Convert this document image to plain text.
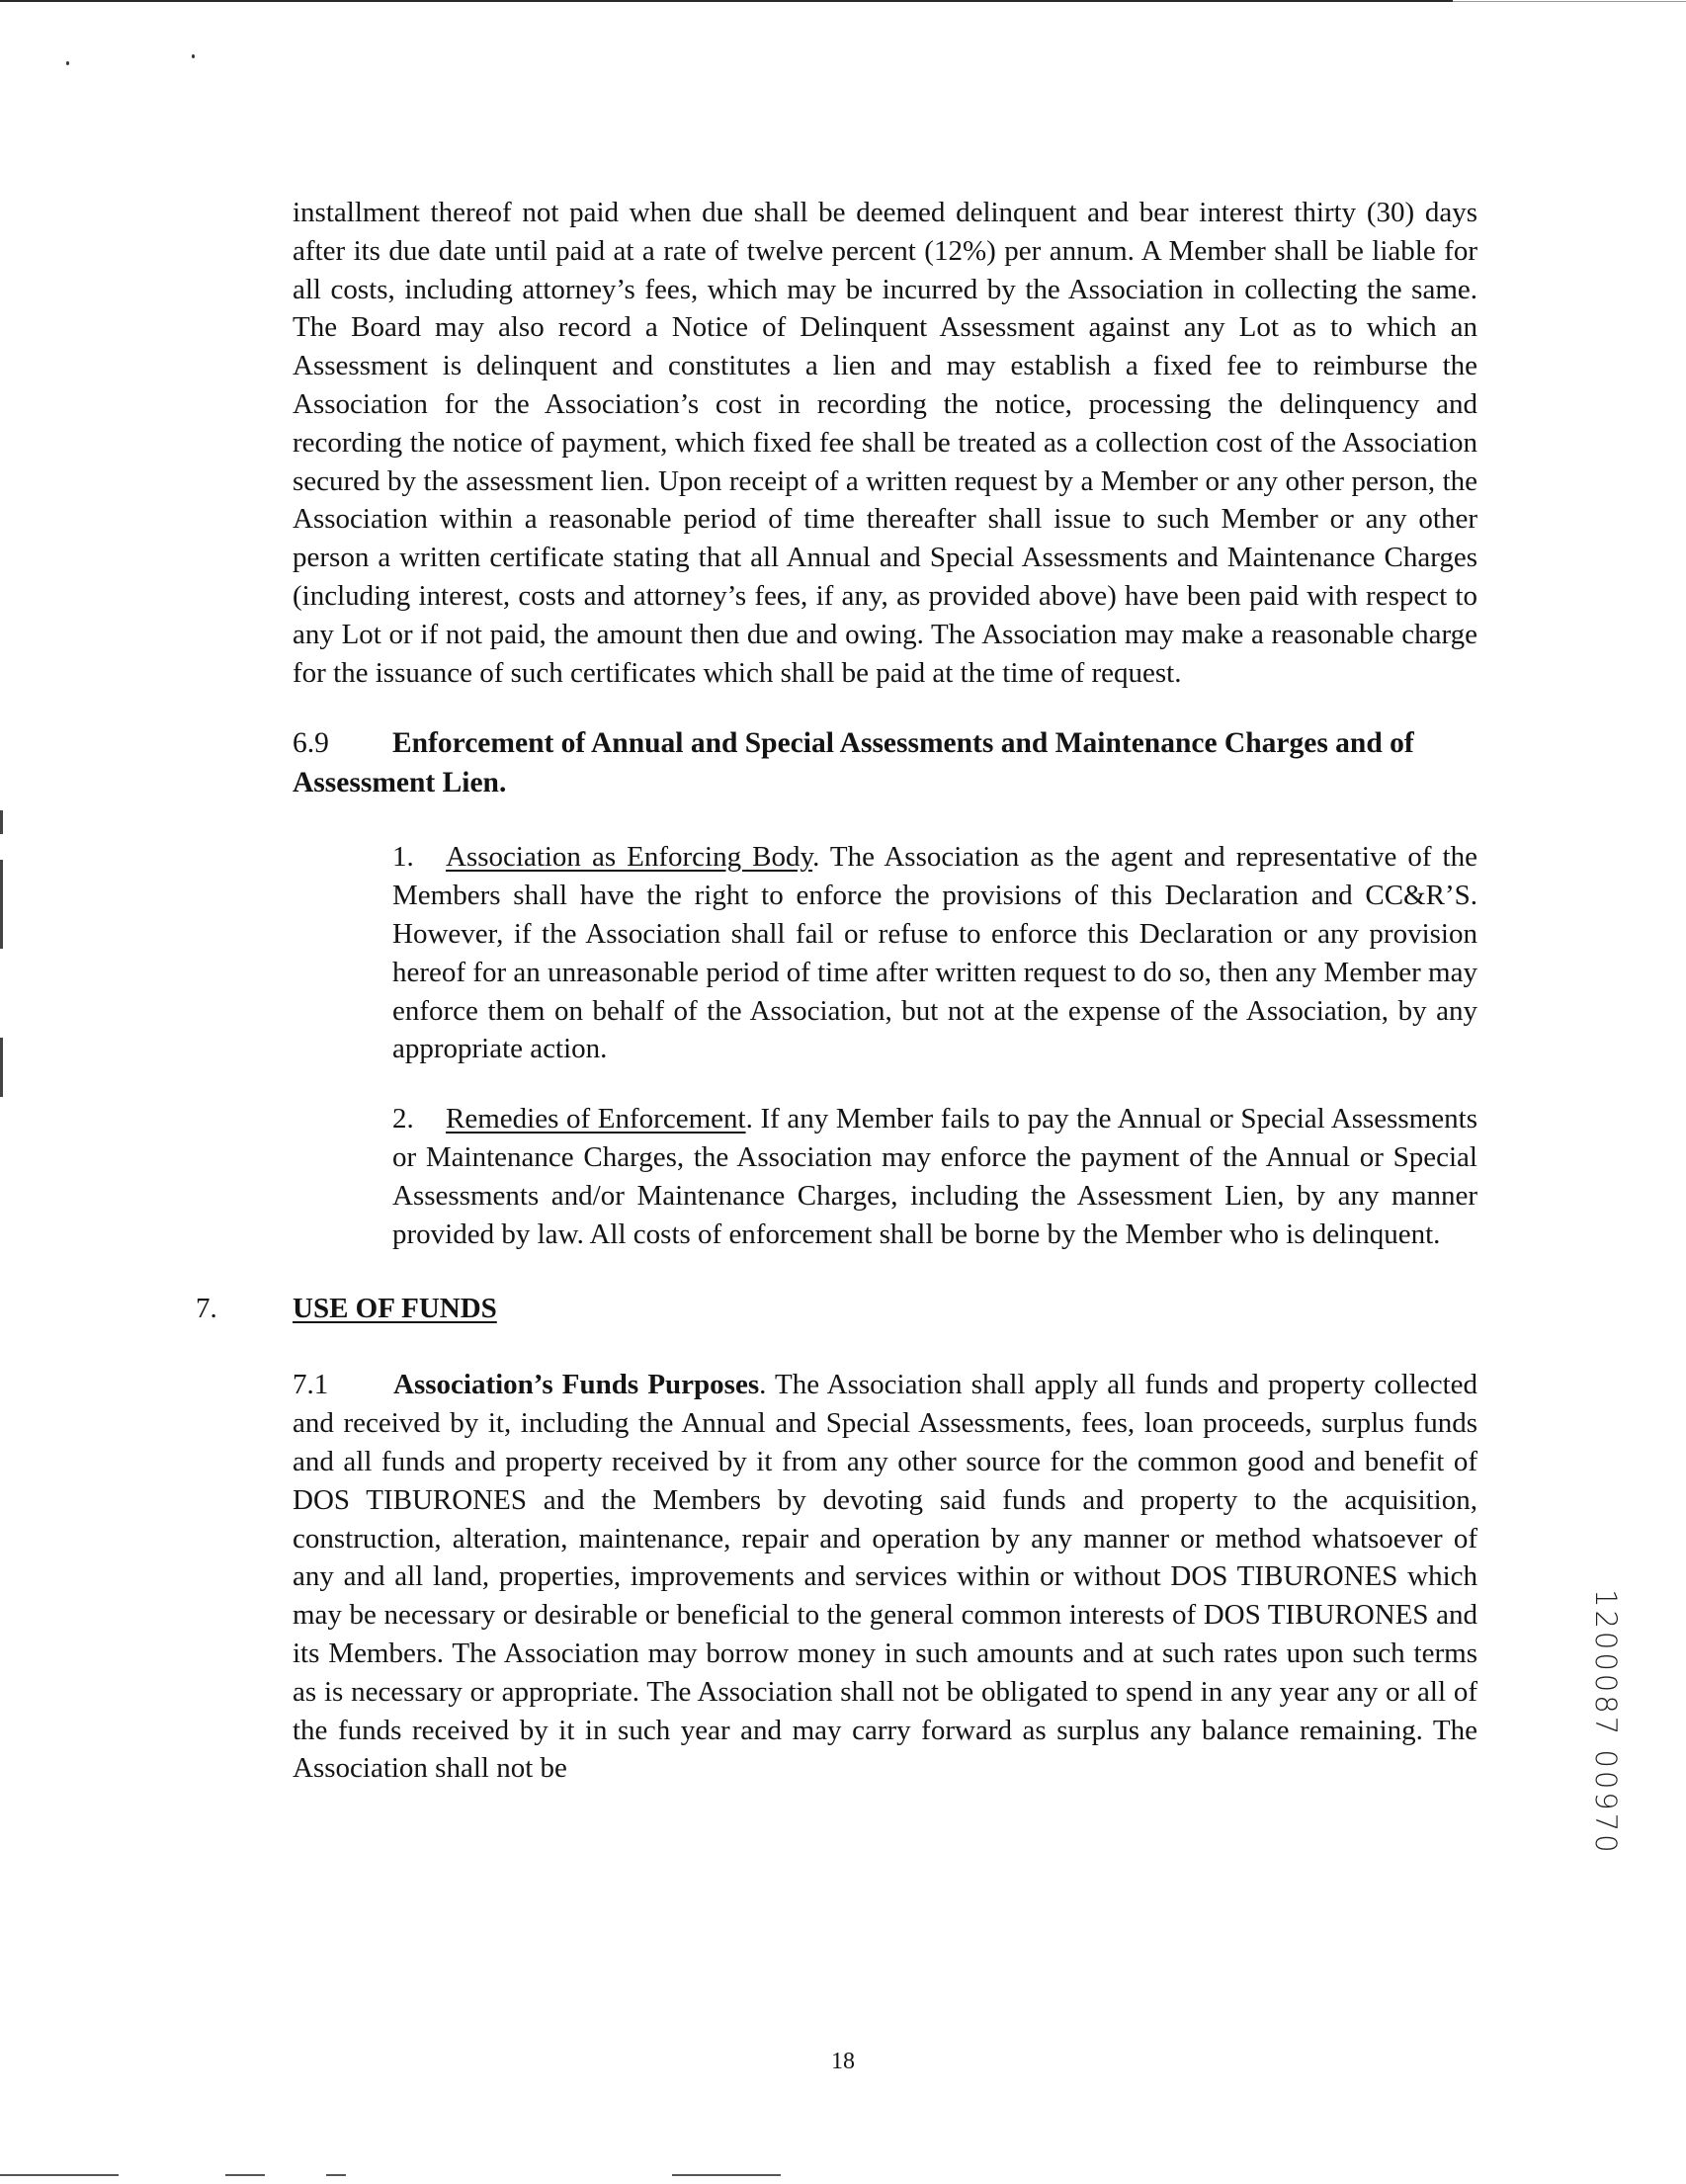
installment thereof not paid when due shall be deemed delinquent and bear interest thirty (30) days after its due date until paid at a rate of twelve percent (12%) per annum. A Member shall be liable for all costs, including attorney’s fees, which may be incurred by the Association in collecting the same. The Board may also record a Notice of Delinquent Assessment against any Lot as to which an Assessment is delinquent and constitutes a lien and may establish a fixed fee to reimburse the Association for the Association’s cost in recording the notice, processing the delinquency and recording the notice of payment, which fixed fee shall be treated as a collection cost of the Association secured by the assessment lien. Upon receipt of a written request by a Member or any other person, the Association within a reasonable period of time thereafter shall issue to such Member or any other person a written certificate stating that all Annual and Special Assessments and Maintenance Charges (including interest, costs and attorney’s fees, if any, as provided above) have been paid with respect to any Lot or if not paid, the amount then due and owing. The Association may make a reasonable charge for the issuance of such certificates which shall be paid at the time of request.

6.9 Enforcement of Annual and Special Assessments and Maintenance Charges and of Assessment Lien.

1. Association as Enforcing Body. The Association as the agent and representative of the Members shall have the right to enforce the provisions of this Declaration and CC&R’S. However, if the Association shall fail or refuse to enforce this Declaration or any provision hereof for an unreasonable period of time after written request to do so, then any Member may enforce them on behalf of the Association, but not at the expense of the Association, by any appropriate action.

2. Remedies of Enforcement. If any Member fails to pay the Annual or Special Assessments or Maintenance Charges, the Association may enforce the payment of the Annual or Special Assessments and/or Maintenance Charges, including the Assessment Lien, by any manner provided by law. All costs of enforcement shall be borne by the Member who is delinquent.

7.	USE OF FUNDS

7.1 Association’s Funds Purposes. The Association shall apply all funds and property collected and received by it, including the Annual and Special Assessments, fees, loan proceeds, surplus funds and all funds and property received by it from any other source for the common good and benefit of DOS TIBURONES and the Members by devoting said funds and property to the acquisition, construction, alteration, maintenance, repair and operation by any manner or method whatsoever of any and all land, properties, improvements and services within or without DOS TIBURONES which may be necessary or desirable or beneficial to the general common interests of DOS TIBURONES and its Members. The Association may borrow money in such amounts and at such rates upon such terms as is necessary or appropriate. The Association shall not be obligated to spend in any year any or all of the funds received by it in such year and may carry forward as surplus any balance remaining. The Association shall not be

18
1200087 00970
